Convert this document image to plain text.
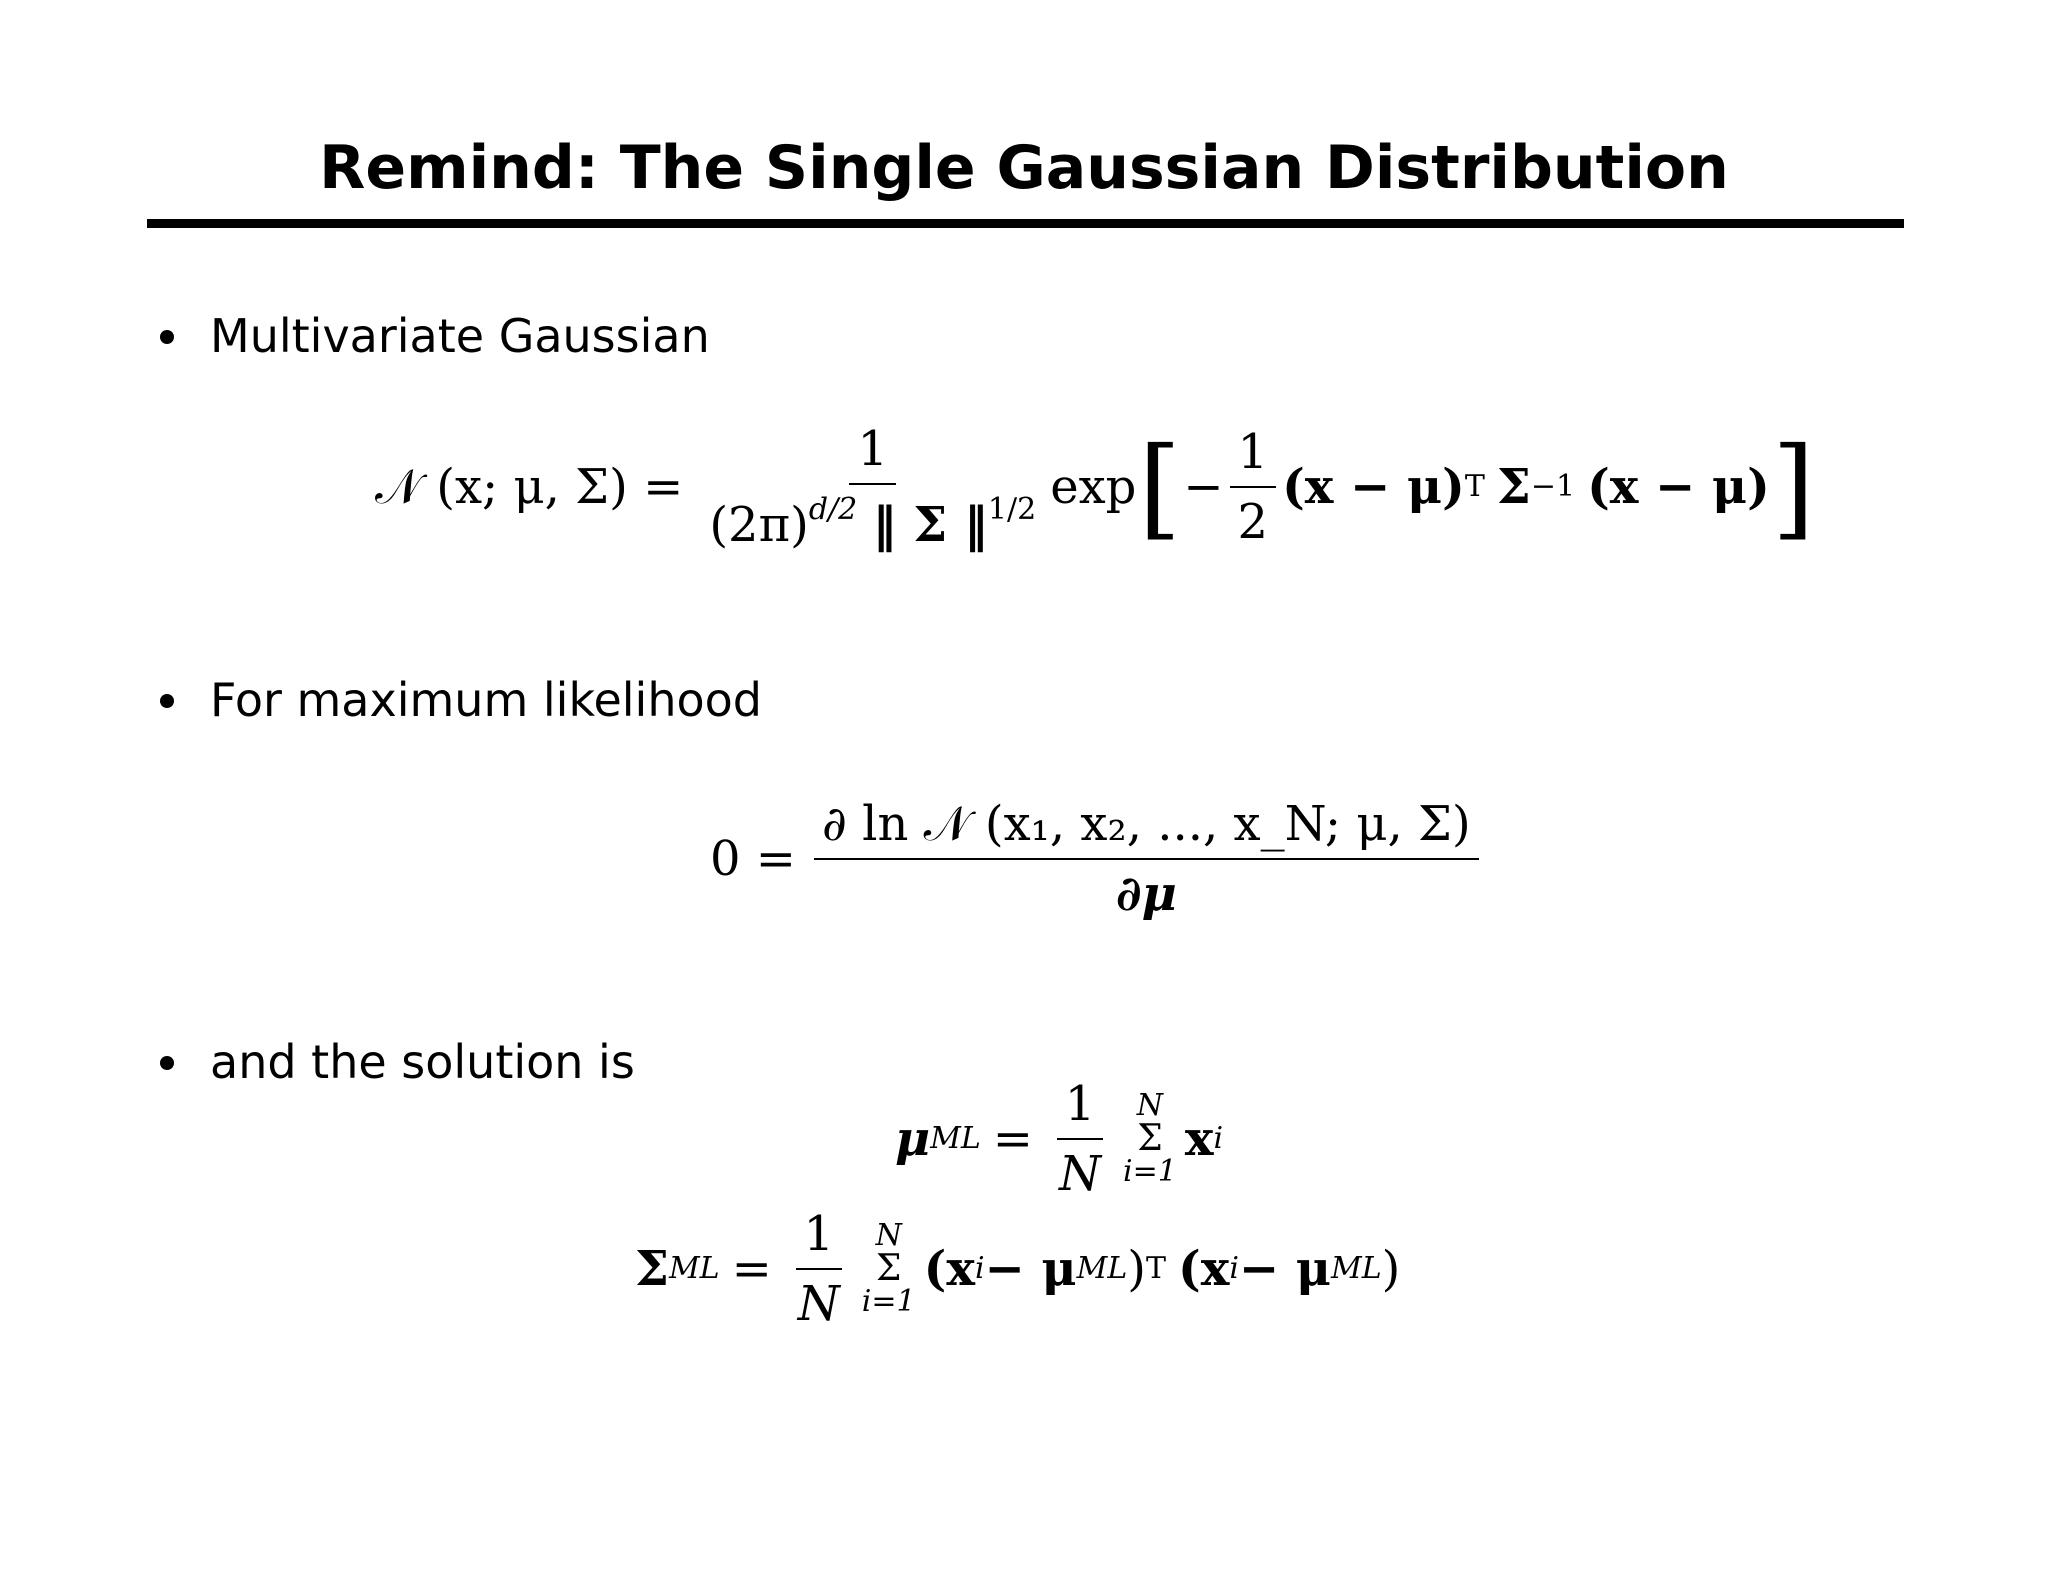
Remind: The Single Gaussian Distribution
Multivariate Gaussian
𝒩 (x; μ, $\Sigma) = \frac{1}{(2\pi)^{d/2} ‖ \Sigma ‖^{1/2}}$ exp [ − $\frac{1}{2} (x - \mu)$ T Σ −1 (x − μ) ]
For maximum likelihood
$0 = \frac{\text{∂ ln 𝒩 (x₁, x₂, ..., x\_N; μ, Σ)}}{\partial\mu}$
and the solution is
μ ML = $\frac{1}{N}$ N
Σ
i=1
x i
Σ ML = $\frac{1}{N}$ N
Σ
i=1
(x i − μ ML ) T (x i − μ ML )
